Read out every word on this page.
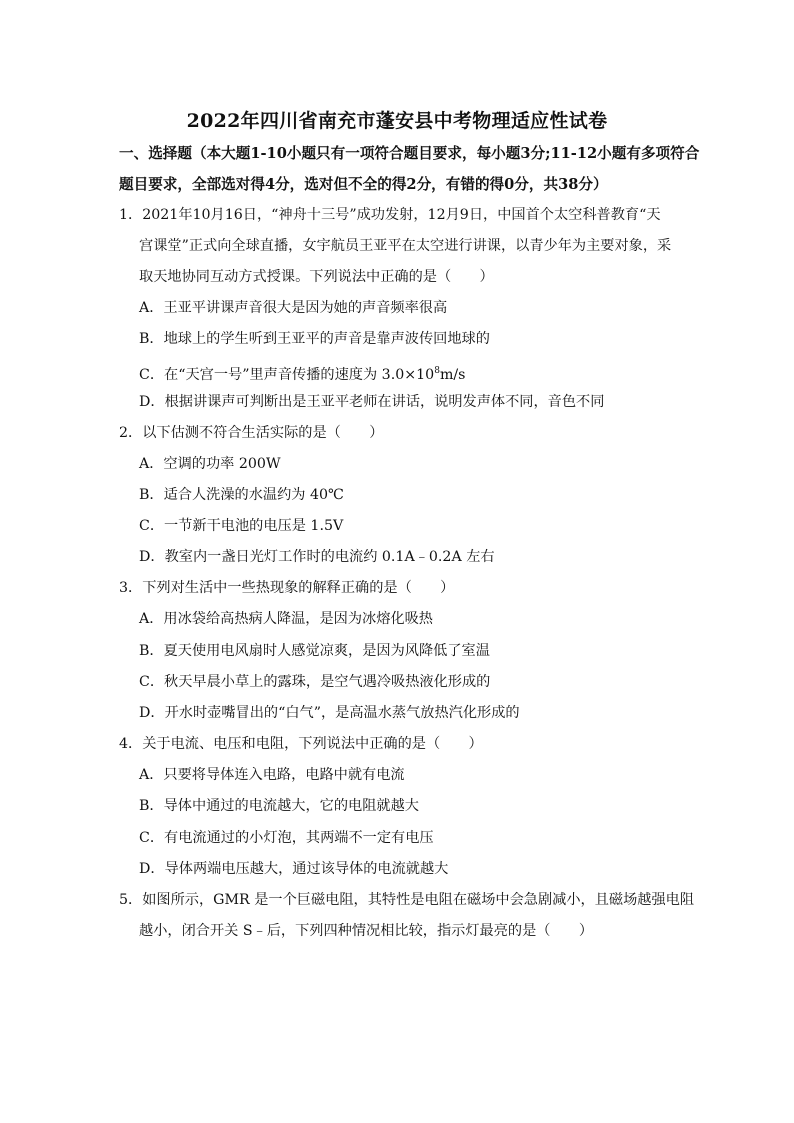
2022年四川省南充市蓬安县中考物理适应性试卷
一、选择题（本大题1-10小题只有一项符合题目要求，每小题3分;11-12小题有多项符合
题目要求，全部选对得4分，选对但不全的得2分，有错的得0分，共38分）
1．2021年10月16日，“神舟十三号”成功发射，12月9日，中国首个太空科普教育“天
宫课堂”正式向全球直播，女宇航员王亚平在太空进行讲课，以青少年为主要对象，采
取天地协同互动方式授课。下列说法中正确的是（　　）
A．王亚平讲课声音很大是因为她的声音频率很高
B．地球上的学生听到王亚平的声音是靠声波传回地球的
C．在“天宫一号”里声音传播的速度为 $3.0\times 10^8m/s$
D．根据讲课声可判断出是王亚平老师在讲话，说明发声体不同，音色不同
2．以下估测不符合生活实际的是（　　）
A．空调的功率 200W
B．适合人洗澡的水温约为 40℃
C．一节新干电池的电压是 1.5V
D．教室内一盏日光灯工作时的电流约 0.1A﹣0.2A 左右
3．下列对生活中一些热现象的解释正确的是（　　）
A．用冰袋给高热病人降温，是因为冰熔化吸热
B．夏天使用电风扇时人感觉凉爽，是因为风降低了室温
C．秋天早晨小草上的露珠，是空气遇冷吸热液化形成的
D．开水时壶嘴冒出的“白气”，是高温水蒸气放热汽化形成的
4．关于电流、电压和电阻，下列说法中正确的是（　　）
A．只要将导体连入电路，电路中就有电流
B．导体中通过的电流越大，它的电阻就越大
C．有电流通过的小灯泡，其两端不一定有电压
D．导体两端电压越大，通过该导体的电流就越大
5．如图所示，GMR 是一个巨磁电阻，其特性是电阻在磁场中会急剧减小，且磁场越强电阻
越小，闭合开关 S﹣后，下列四种情况相比较，指示灯最亮的是（　　）
